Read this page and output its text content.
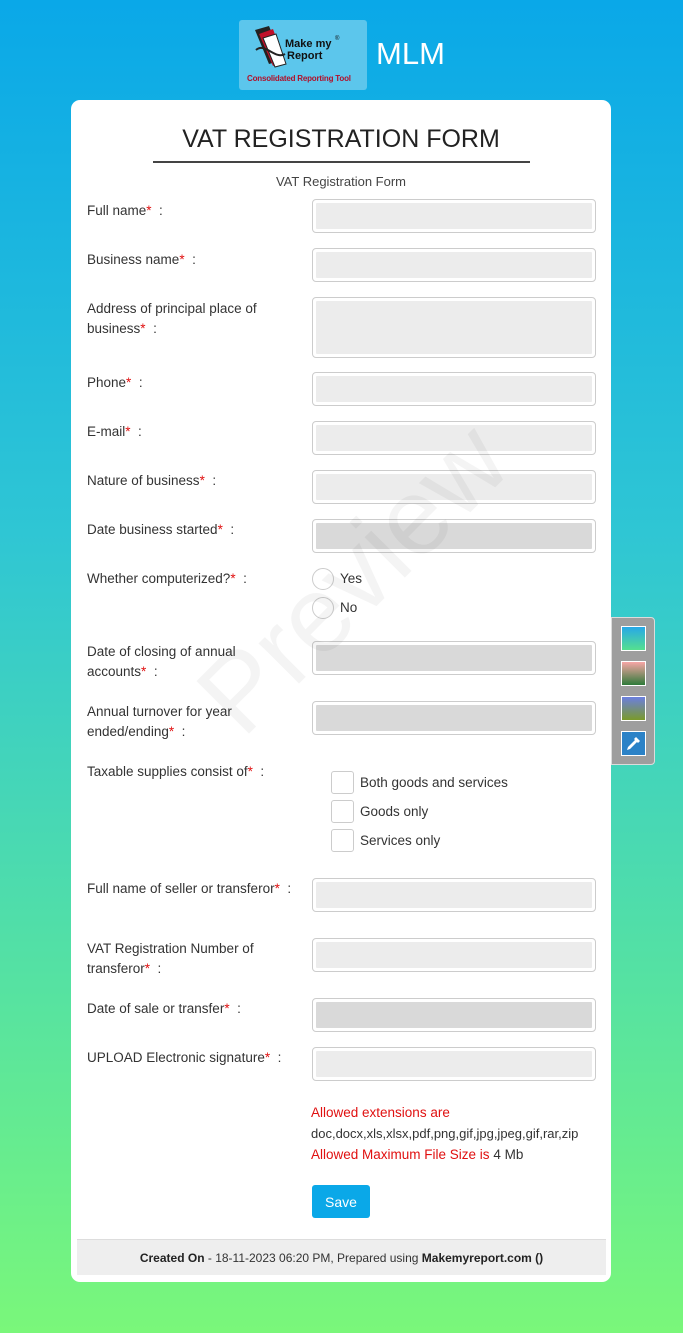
Make my
Report
®
Consolidated Reporting Tool
MLM
VAT REGISTRATION FORM
VAT Registration Form
Full name*  :
Business name*  :
Address of principal place of business*  :
Phone*  :
E-mail*  :
Nature of business*  :
Date business started*  :
Whether computerized?*  :	Yes
No
Date of closing of annual accounts*  :
Annual turnover for year ended/ending*  :
Taxable supplies consist of*  :
Both goods and services
Goods only
Services only
Full name of seller or transferor*  :
VAT Registration Number of transferor*  :
Date of sale or transfer*  :
UPLOAD Electronic signature*  :
Allowed extensions are
doc,docx,xls,xlsx,pdf,png,gif,jpg,jpeg,gif,rar,zip
Allowed Maximum File Size is 4 Mb
Save
Created On - 18-11-2023 06:20 PM, Prepared using Makemyreport.com ()
